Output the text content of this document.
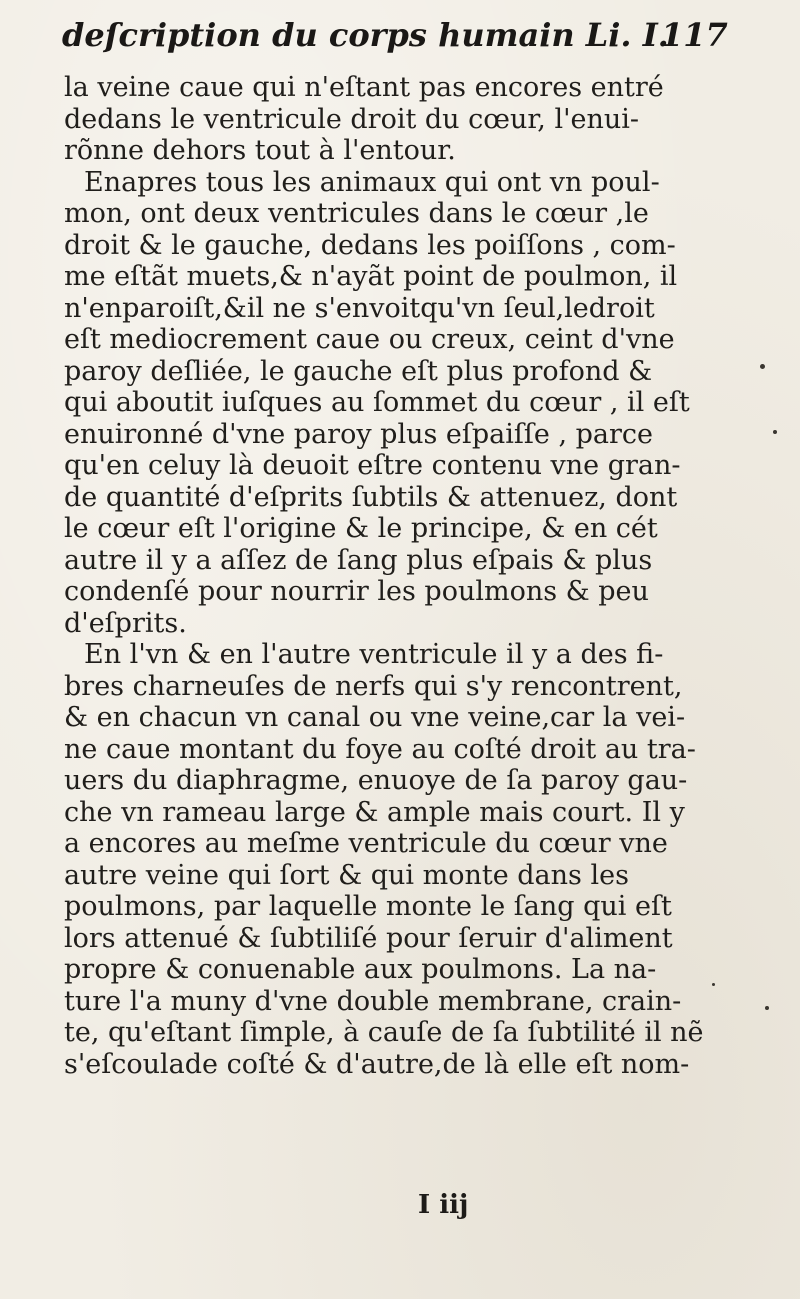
deſcription du corps humain Li. I.
117
la veine caue qui n'eſtant pas encores entré
dedans le ventricule droit du cœur, l'enui-
rõnne dehors tout à l'entour.
Enapres tous les animaux qui ont vn poul-
mon, ont deux ventricules dans le cœur ,le
droit & le gauche, dedans les poiſſons , com-
me eſtãt muets,& n'ayãt point de poulmon, il
n'enparoiſt,&il ne s'envoitqu'vn ſeul,ledroit
eſt mediocrement caue ou creux, ceint d'vne
paroy deſliée, le gauche eſt plus profond &
qui aboutit iuſques au ſommet du cœur , il eſt
enuironné d'vne paroy plus eſpaiſſe , parce
qu'en celuy là deuoit eſtre contenu vne gran-
de quantité d'eſprits ſubtils & attenuez, dont
le cœur eſt l'origine & le principe, & en cét
autre il y a aſſez de ſang plus eſpais & plus
condenſé pour nourrir les poulmons & peu
d'eſprits.
En l'vn & en l'autre ventricule il y a des fi-
bres charneuſes de nerfs qui s'y rencontrent,
& en chacun vn canal ou vne veine,car la vei-
ne caue montant du foye au coſté droit au tra-
uers du diaphragme, enuoye de ſa paroy gau-
che vn rameau large & ample mais court. Il y
a encores au meſme ventricule du cœur vne
autre veine qui ſort & qui monte dans les
poulmons, par laquelle monte le ſang qui eſt
lors attenué & ſubtiliſé pour ſeruir d'aliment
propre & conuenable aux poulmons. La na-
ture l'a muny d'vne double membrane, crain-
te, qu'eſtant ſimple, à cauſe de ſa ſubtilité il nẽ
s'eſcoulade coſté & d'autre,de là elle eſt nom-
I iij
